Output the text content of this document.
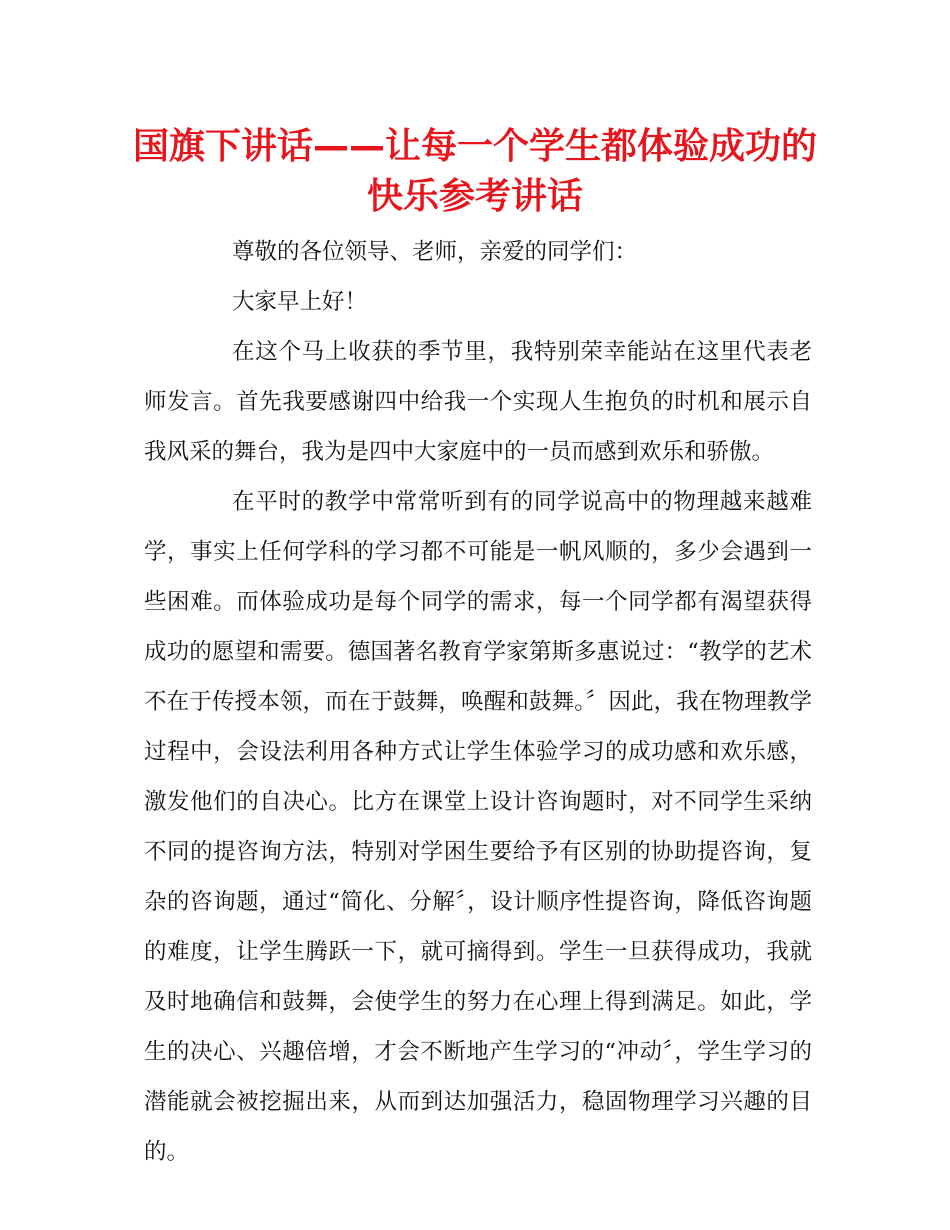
国旗下讲话——让每一个学生都体验成功的快乐参考讲话

尊敬的各位领导、老师，亲爱的同学们：

大家早上好！

在这个马上收获的季节里，我特别荣幸能站在这里代表老师发言。首先我要感谢四中给我一个实现人生抱负的时机和展示自我风采的舞台，我为是四中大家庭中的一员而感到欢乐和骄傲。

在平时的教学中常常听到有的同学说高中的物理越来越难学，事实上任何学科的学习都不可能是一帆风顺的，多少会遇到一些困难。而体验成功是每个同学的需求，每一个同学都有渴望获得成功的愿望和需要。德国著名教育学家第斯多惠说过：“教学的艺术不在于传授本领，而在于鼓舞，唤醒和鼓舞。〞因此，我在物理教学过程中，会设法利用各种方式让学生体验学习的成功感和欢乐感，激发他们的自决心。比方在课堂上设计咨询题时，对不同学生采纳不同的提咨询方法，特别对学困生要给予有区别的协助提咨询，复杂的咨询题，通过“简化、分解〞，设计顺序性提咨询，降低咨询题的难度，让学生腾跃一下，就可摘得到。学生一旦获得成功，我就及时地确信和鼓舞，会使学生的努力在心理上得到满足。如此，学生的决心、兴趣倍增，才会不断地产生学习的“冲动〞，学生学习的潜能就会被挖掘出来，从而到达加强活力，稳固物理学习兴趣的目的。
